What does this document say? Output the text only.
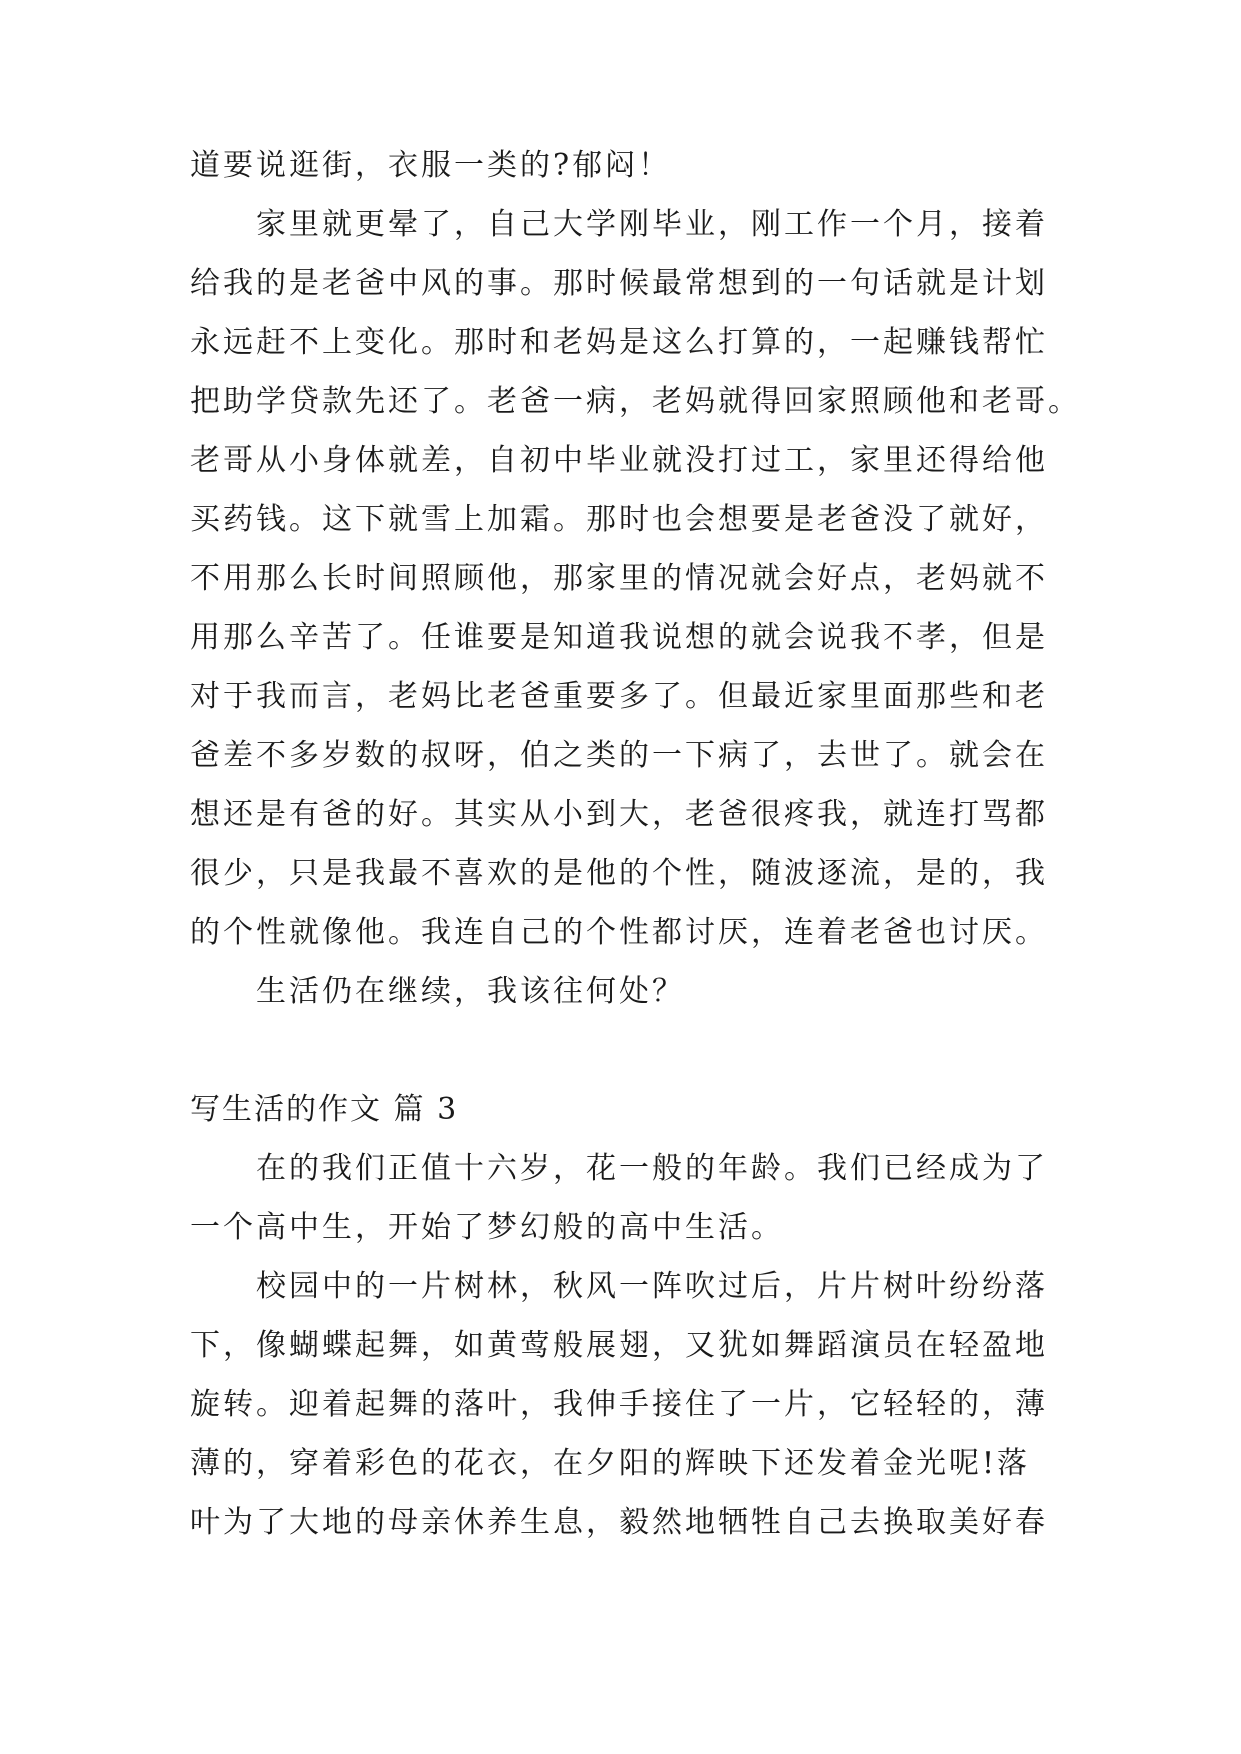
道要说逛街，衣服一类的?郁闷！
家里就更晕了，自己大学刚毕业，刚工作一个月，接着
给我的是老爸中风的事。那时候最常想到的一句话就是计划
永远赶不上变化。那时和老妈是这么打算的，一起赚钱帮忙
把助学贷款先还了。老爸一病，老妈就得回家照顾他和老哥。
老哥从小身体就差，自初中毕业就没打过工，家里还得给他
买药钱。这下就雪上加霜。那时也会想要是老爸没了就好，
不用那么长时间照顾他，那家里的情况就会好点，老妈就不
用那么辛苦了。任谁要是知道我说想的就会说我不孝，但是
对于我而言，老妈比老爸重要多了。但最近家里面那些和老
爸差不多岁数的叔呀，伯之类的一下病了，去世了。就会在
想还是有爸的好。其实从小到大，老爸很疼我，就连打骂都
很少，只是我最不喜欢的是他的个性，随波逐流，是的，我
的个性就像他。我连自己的个性都讨厌，连着老爸也讨厌。
生活仍在继续，我该往何处？
写生活的作文 篇 3
在的我们正值十六岁，花一般的年龄。我们已经成为了
一个高中生，开始了梦幻般的高中生活。
校园中的一片树林，秋风一阵吹过后，片片树叶纷纷落
下，像蝴蝶起舞，如黄莺般展翅，又犹如舞蹈演员在轻盈地
旋转。迎着起舞的落叶，我伸手接住了一片，它轻轻的，薄
薄的，穿着彩色的花衣，在夕阳的辉映下还发着金光呢!落
叶为了大地的母亲休养生息，毅然地牺牲自己去换取美好春
